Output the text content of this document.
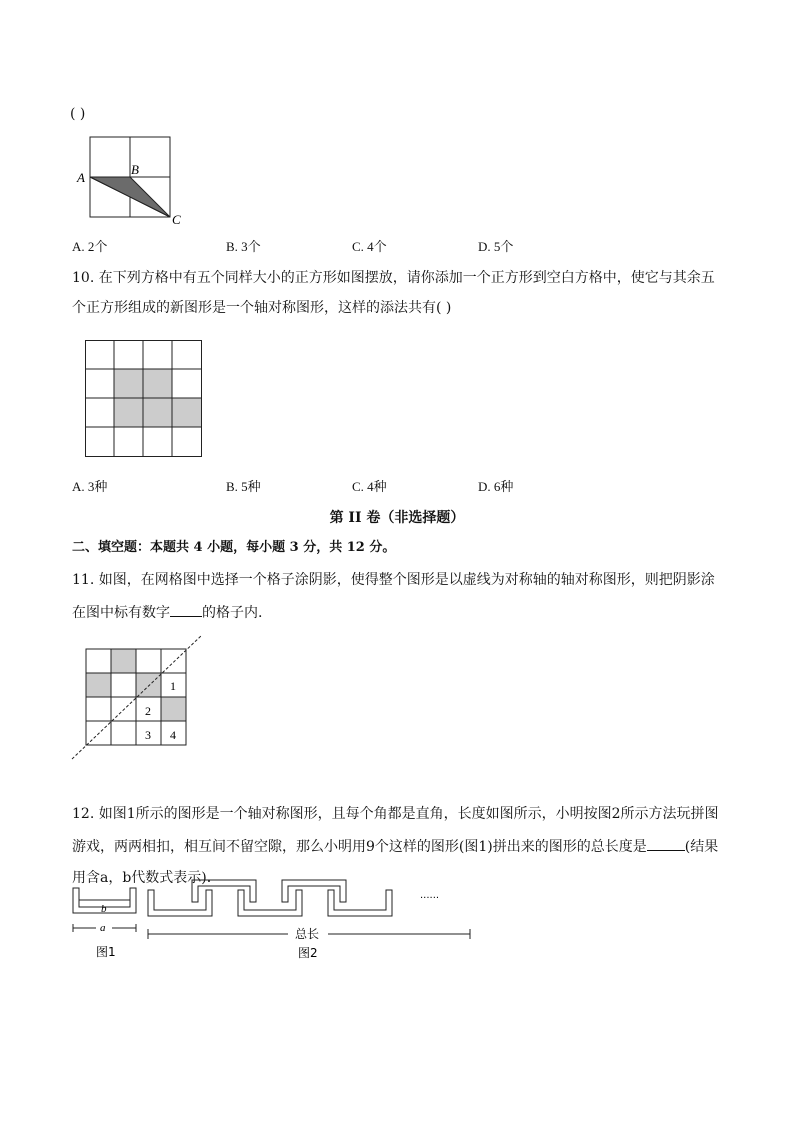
( )
A
B
C
A. 2个	B. 3个	C. 4个	D. 5个
10. 在下列方格中有五个同样大小的正方形如图摆放，请你添加一个正方形到空白方格中，使它与其余五
个正方形组成的新图形是一个轴对称图形，这样的添法共有( )
A. 3种	B. 5种	C. 4种	D. 6种
第 II 卷（非选择题）
二、填空题：本题共 4 小题，每小题 3 分，共 12 分。
11. 如图，在网格图中选择一个格子涂阴影，使得整个图形是以虚线为对称轴的轴对称图形，则把阴影涂
在图中标有数字 的格子内.
1
2
3 4
12. 如图1所示的图形是一个轴对称图形，且每个角都是直角，长度如图所示，小明按图2所示方法玩拼图
游戏，两两相扣，相互间不留空隙，那么小明用9个这样的图形(图1)拼出来的图形的总长度是	(结果
用含a，b代数式表示).
b
a
图1
......
总长
图2
